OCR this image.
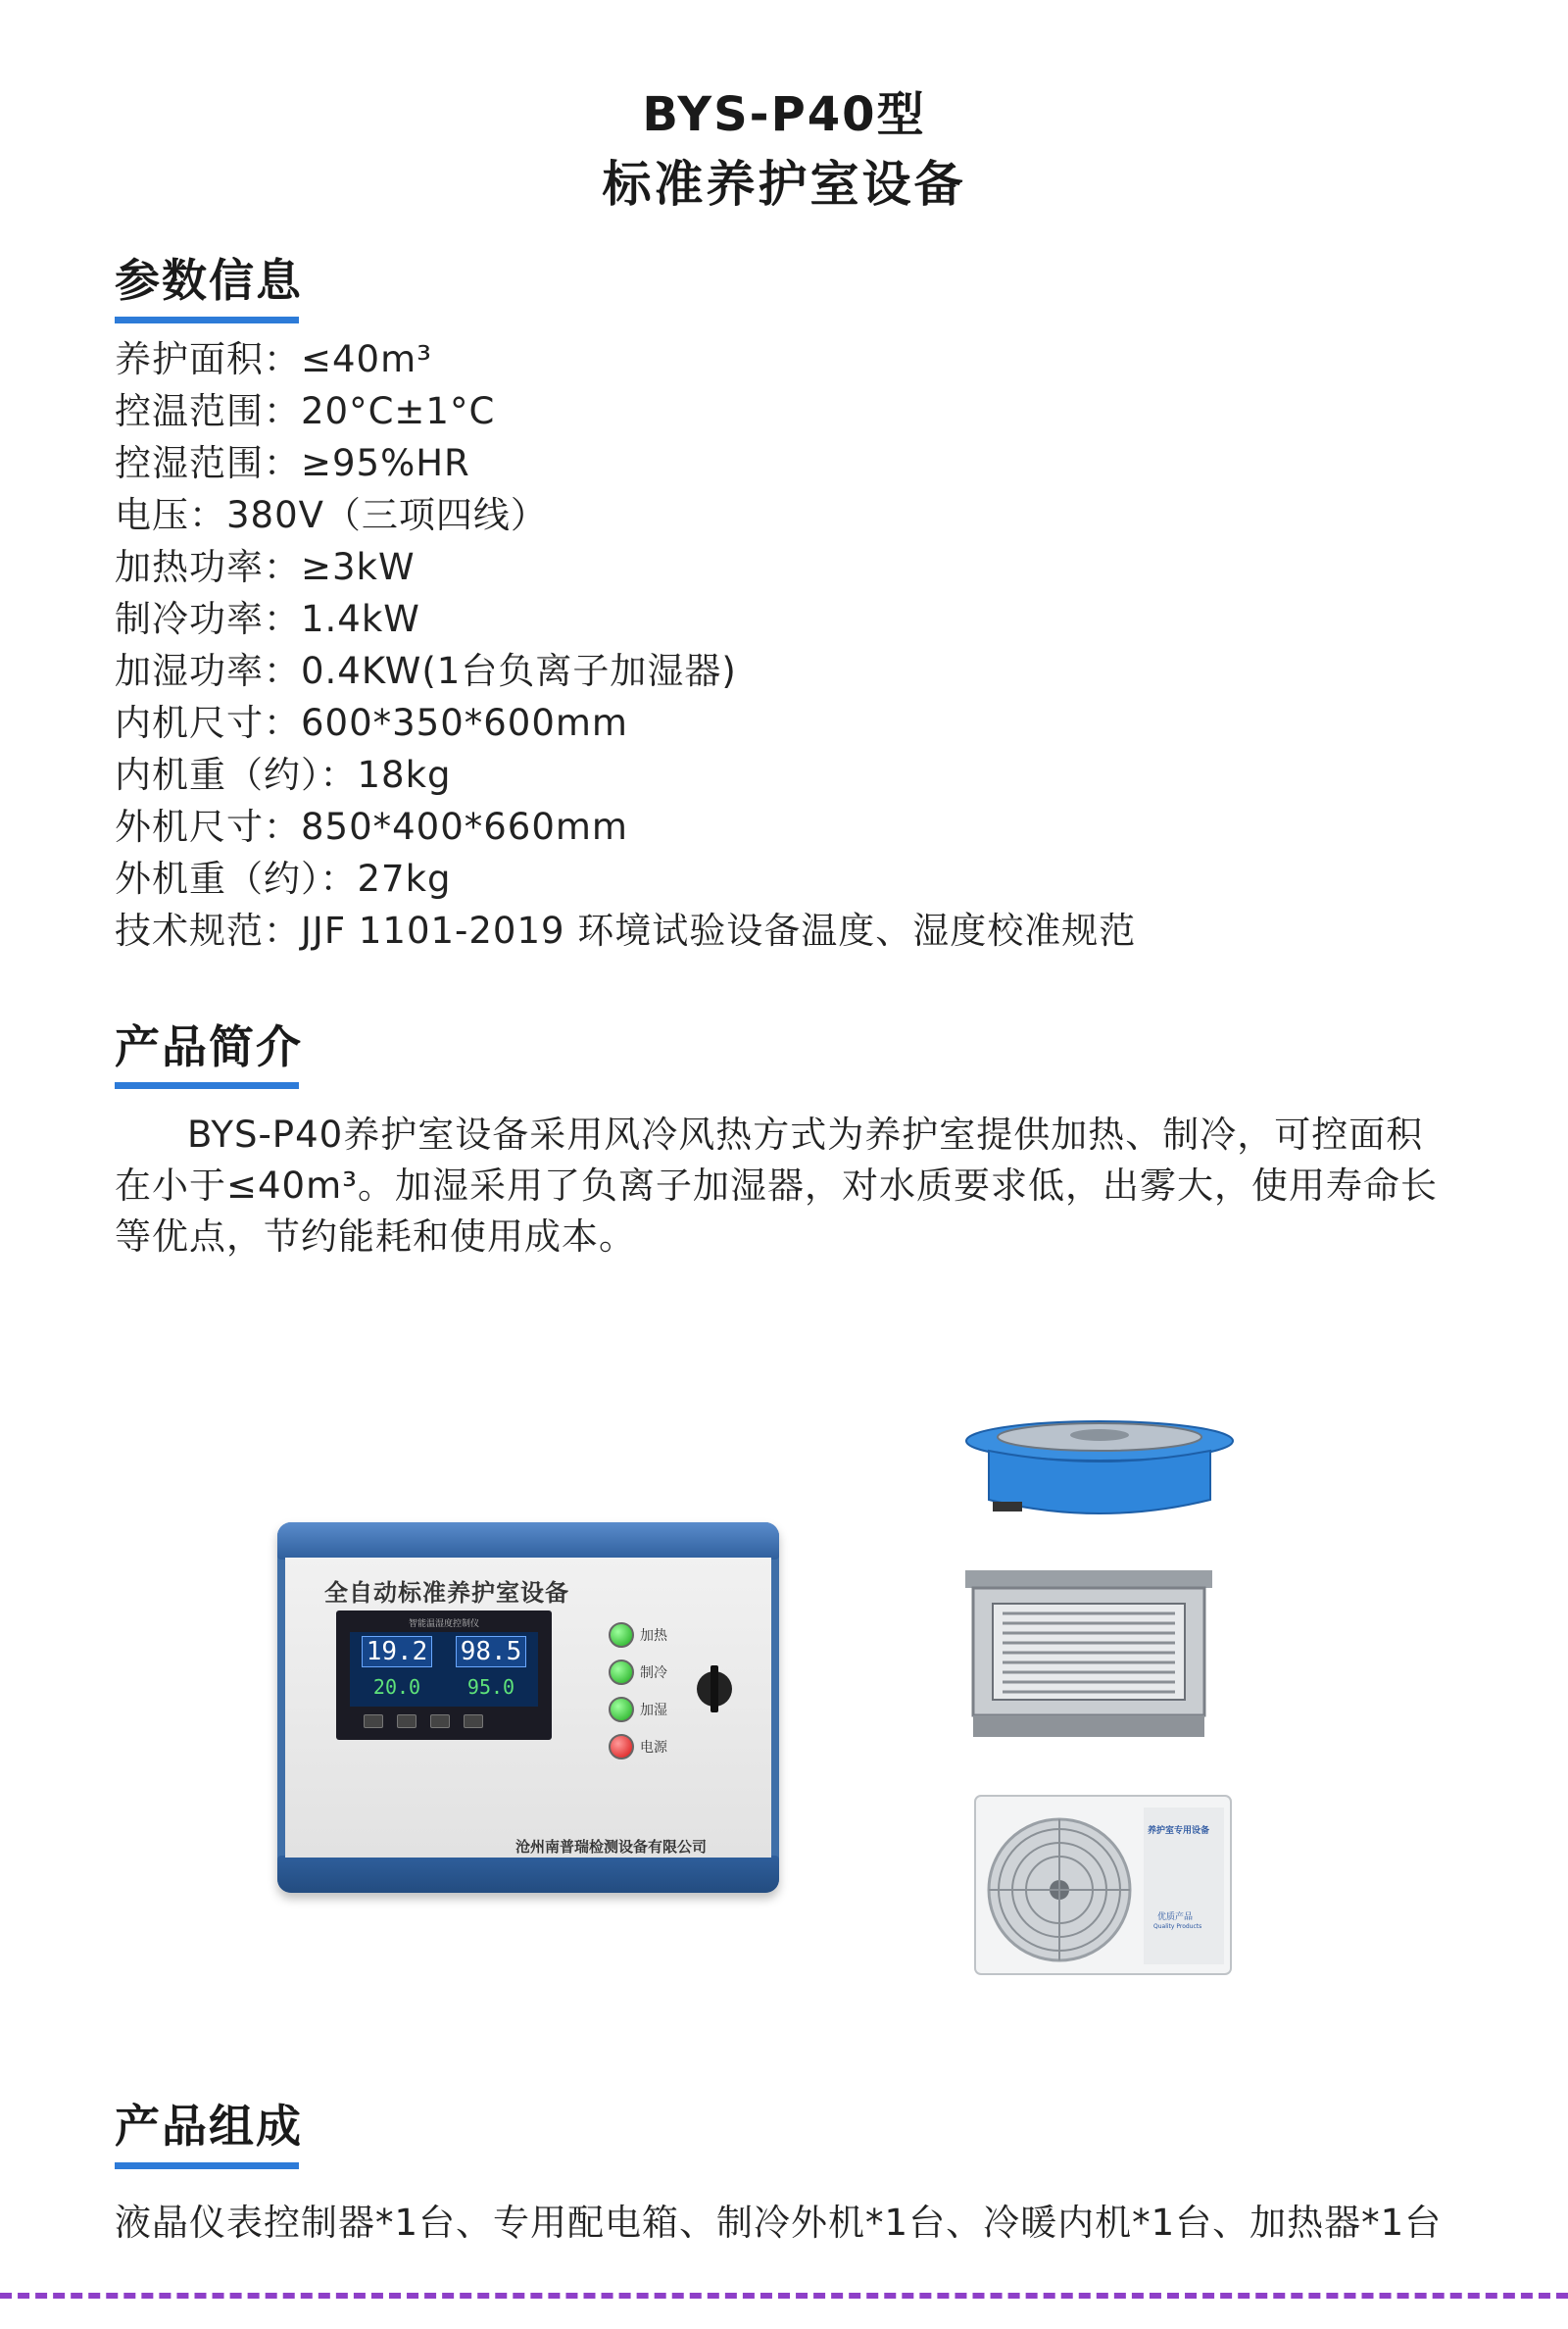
BYS-P40型
标准养护室设备
参数信息
养护面积：≤40m³
控温范围：20°C±1°C
控湿范围：≥95%HR
电压：380V（三项四线）
加热功率：≥3kW
制冷功率：1.4kW
加湿功率：0.4KW(1台负离子加湿器)
内机尺寸：600*350*600mm
内机重（约）：18kg
外机尺寸：850*400*660mm
外机重（约）：27kg
技术规范：JJF 1101-2019 环境试验设备温度、湿度校准规范
产品简介

BYS-P40养护室设备采用风冷风热方式为养护室提供加热、制冷，可控面积在小于≤40m³。加湿采用了负离子加湿器，对水质要求低，出雾大，使用寿命长等优点，节约能耗和使用成本。

全自动标准养护室设备
智能温湿度控制仪
19.2 98.5
20.0 95.0
加热
制冷
加湿
电源
沧州南普瑞检测设备有限公司
养护室专用设备
优质产品
Quality Products
产品组成

液晶仪表控制器*1台、专用配电箱、制冷外机*1台、冷暖内机*1台、加热器*1台
